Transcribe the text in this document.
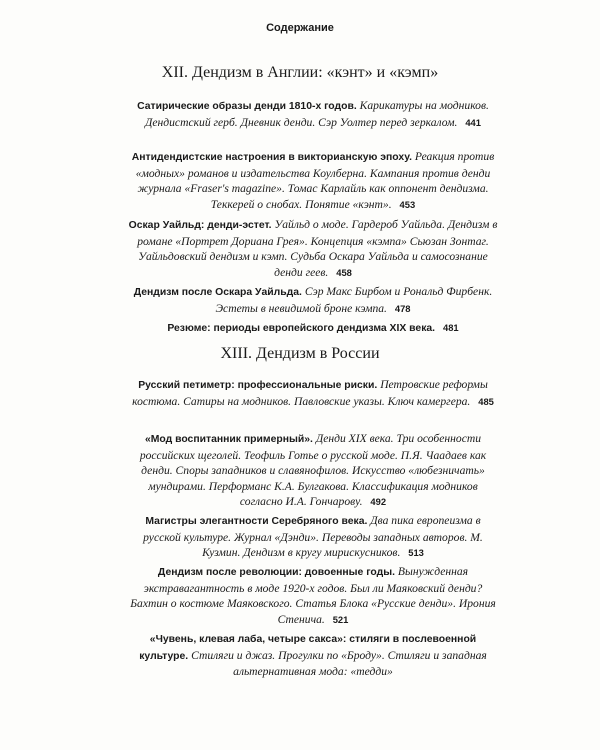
Содержание
XII. Дендизм в Англии: «кэнт» и «кэмп»
Сатирические образы денди 1810-х годов. Карикатуры на модников. Дендистский герб. Дневник денди. Сэр Уолтер перед зеркалом. 441
Антидендистские настроения в викторианскую эпоху. Реакция против «модных» романов и издательства Коулберна. Кампания против денди журнала «Fraser's magazine». Томас Карлайль как оппонент дендизма. Теккерей о снобах. Понятие «кэнт». 453
Оскар Уайльд: денди-эстет. Уайльд о моде. Гардероб Уайльда. Дендизм в романе «Портрет Дориана Грея». Концепция «кэмпа» Сьюзан Зонтаг. Уайльдовский дендизм и кэмп. Судьба Оскара Уайльда и самосознание денди геев. 458
Дендизм после Оскара Уайльда. Сэр Макс Бирбом и Рональд Фирбенк. Эстеты в невидимой броне кэмпа. 478
Резюме: периоды европейского дендизма XIX века. 481
XIII. Дендизм в России
Русский петиметр: профессиональные риски. Петровские реформы костюма. Сатиры на модников. Павловские указы. Ключ камергера. 485
«Мод воспитанник примерный». Денди XIX века. Три особенности российских щеголей. Теофиль Готье о русской моде. П.Я. Чаадаев как денди. Споры западников и славянофилов. Искусство «любезничать» мундирами. Перформанс К.А. Булгакова. Классификация модников согласно И.А. Гончарову. 492
Магистры элегантности Серебряного века. Два пика европеизма в русской культуре. Журнал «Дэнди». Переводы западных авторов. М. Кузмин. Дендизм в кругу мирискусников. 513
Дендизм после революции: довоенные годы. Вынужденная экстравагантность в моде 1920-х годов. Был ли Маяковский денди? Бахтин о костюме Маяковского. Статья Блока «Русские денди». Ирония Стенича. 521
«Чувень, клевая лаба, четыре сакса»: стиляги в послевоенной культуре. Стиляги и джаз. Прогулки по «Броду». Стиляги и западная альтернативная мода: «тедди»
